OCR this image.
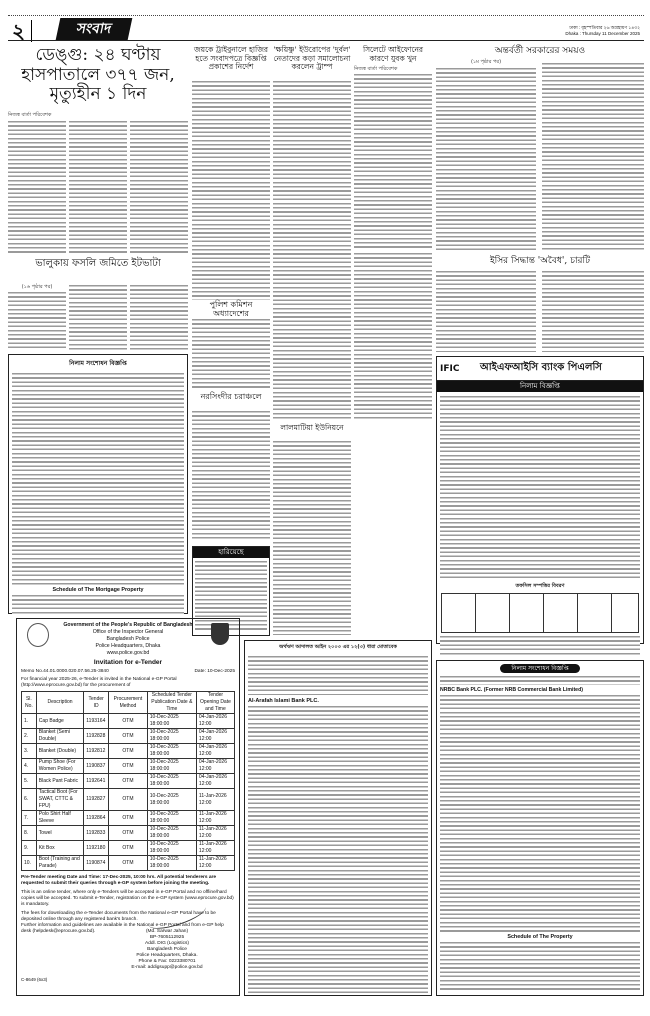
২	সংবাদ	ঢাকা : বৃহস্পতিবার ২৬ অগ্রহায়ণ ১৪৩২
Dhaka : Thursday 11 December 2025
ডেঙ্গু: ২৪ ঘণ্টায় হাসপাতালে ৩৭৭ জন, মৃত্যুহীন ১ দিন
নিজস্ব বার্তা পরিবেশক
ভালুকায় ফসলি জমিতে ইটভাটা
(১৬ পৃষ্ঠার পর)
জয়কে ট্রাইবুনালে হাজির হতে সংবাদপত্রে বিজ্ঞপ্তি প্রকাশের নির্দেশ
'ক্ষয়িষ্ণু' ইউরোপের 'দুর্বল' নেতাদের কড়া সমালোচনা করলেন ট্রাম্প
সিলেটে আইফোনের কারণে যুবক খুন
নিজস্ব বার্তা পরিবেশক
অন্তর্বর্তী সরকারের সময়ও
(১ম পৃষ্ঠার পর)
ইসির সিদ্ধান্ত 'অবৈধ', চারটি
পুলিশ কমিশন অধ্যাদেশের
নরসিংদীর চরাঞ্চলে
লালমাটিয়া ইউনিয়নে
হারিয়েছে
নিলাম সংশোধন বিজ্ঞপ্তি
Schedule of The Mortgage Property
IFIC	আইএফআইসি ব্যাংক পিএলসি
নিলাম বিজ্ঞপ্তি
তফসিল সম্পত্তির বিবরণ
Government of the People's Republic of Bangladesh
Office of the Inspector General
Bangladesh Police
Police Headquarters, Dhaka
www.police.gov.bd
Invitation for e-Tender
Memo No.44.01.0000.020.07.56.25-3840	Date: 10-Dec-2025
For financial year 2025-26, e-Tender is invited in the National e-GP Portal (http://www.eprocure.gov.bd) for the procurement of
Sl. No.	Description	Tender ID	Procurement Method	Scheduled Tender Publication Date & Time	Tender Opening Date and Time
1.	Cap Badge	1193164	OTM	10-Dec-2025 18:00:00	04-Jan-2026 12:00
2.	Blanket (Semi Double)	1192828	OTM	10-Dec-2025 18:00:00	04-Jan-2026 12:00
3.	Blanket (Double)	1192812	OTM	10-Dec-2025 18:00:00	04-Jan-2026 12:00
4.	Pump Shoe (For Women Police)	1190837	OTM	10-Dec-2025 18:00:00	04-Jan-2026 12:00
5.	Black Pant Fabric	1192641	OTM	10-Dec-2025 18:00:00	04-Jan-2026 12:00
6.	Tactical Boot (For SWAT, CTTC & FPU)	1192827	OTM	10-Dec-2025 18:00:00	11-Jan-2026 12:00
7.	Polo Shirt Half Sleeve	1192864	OTM	10-Dec-2025 18:00:00	11-Jan-2026 12:00
8.	Towel	1192833	OTM	10-Dec-2025 18:00:00	11-Jan-2026 12:00
9.	Kit Box	1192180	OTM	10-Dec-2025 18:00:00	11-Jan-2026 12:00
10.	Boot (Training and Parade)	1190874	OTM	10-Dec-2025 18:00:00	11-Jan-2026 12:00

Pre-Tender meeting Date and Time: 17-Dec-2025, 10:00 hrs. All potential tenderers are requested to submit their queries through e-GP system before joining the meeting.

This is an online tender, where only e-Tenders will be accepted in e-GP Portal and no offline/hard copies will be accepted. To submit e-Tender, registration on the e-GP system (www.eprocure.gov.bd) is mandatory.

The fees for downloading the e-Tender documents from the National e-GP Portal have to be deposited online through any registered bank's branch.

Further information and guidelines are available in the National e-GP Portal and from e-GP help desk (helpdesk@eprocure.gov.bd).	(Md. Sarwar Jahan)
BP-7605112925
Addl. DIG (Logistics)
Bangladesh Police
Police Headquarters, Dhaka.
Phone & Fax: 0223380?01
E-mail: addigsupp@police.gov.bd
C-8649 (6x3)
অর্থঋণ আদালত আইন ২০০৩ এর ১২(৩) ধারা মোতাবেক
Al-Arafah Islami Bank PLC.
নিলাম সংশোধন বিজ্ঞপ্তি
NRBC Bank PLC. (Former NRB Commercial Bank Limited)
Schedule of The Property
